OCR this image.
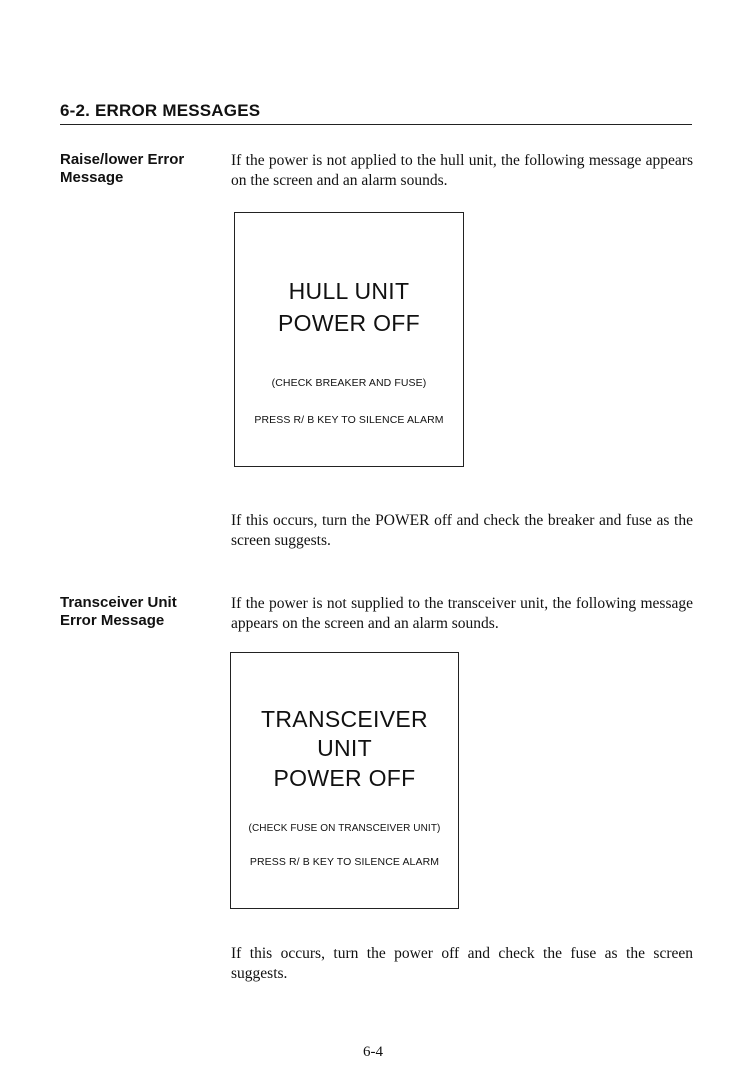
6-2. ERROR MESSAGES
Raise/lower Error
Message

If the power is not applied to the hull unit, the following message appears on the screen and an alarm sounds.

HULL UNIT
POWER OFF
(CHECK BREAKER AND FUSE)
PRESS R/ B KEY TO SILENCE ALARM

If this occurs, turn the POWER off and check the breaker and fuse as the screen suggests.

Transceiver Unit
Error Message

If the power is not supplied to the transceiver unit, the following message appears on the screen and an alarm sounds.

TRANSCEIVER
UNIT
POWER OFF
(CHECK FUSE ON TRANSCEIVER UNIT)
PRESS R/ B KEY TO SILENCE ALARM

If this occurs, turn the power off and check the fuse as the screen suggests.

6-4
